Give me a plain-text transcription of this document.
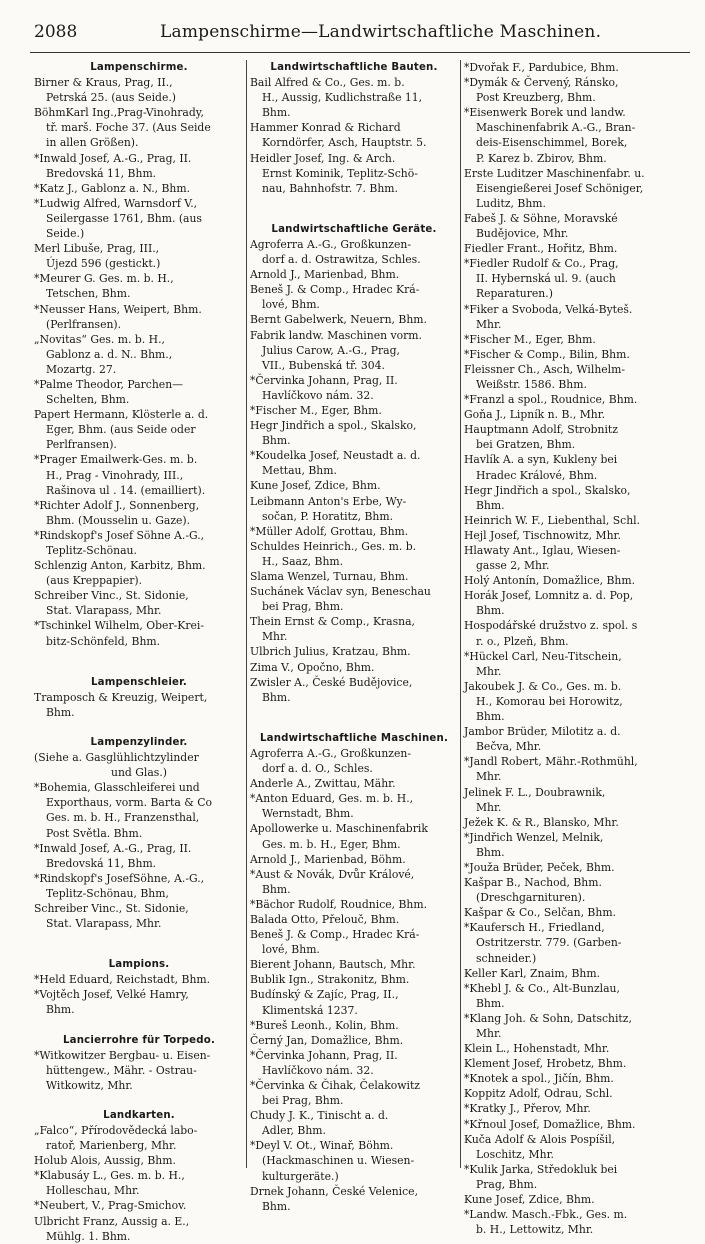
2088	Lampenschirme—Landwirtschaftliche Maschinen.
Lampenschirme.
Birner & Kraus, Prag, II.,
Petrská 25. (aus Seide.)
BöhmKarl Ing.,Prag-Vinohrady,
tř. marš. Foche 37. (Aus Seide
in allen Größen).
*Inwald Josef, A.-G., Prag, II.
Bredovská 11, Bhm.
*Katz J., Gablonz a. N., Bhm.
*Ludwig Alfred, Warnsdorf V.,
Seilergasse 1761, Bhm. (aus
Seide.)
Merl Libuše, Prag, III.,
Újezd 596 (gestickt.)
*Meurer G. Ges. m. b. H.,
Tetschen, Bhm.
*Neusser Hans, Weipert, Bhm.
(Perlfransen).
„Novitas“ Ges. m. b. H.,
Gablonz a. d. N.. Bhm.,
Mozartg. 27.
*Palme Theodor, Parchen—
Schelten, Bhm.
Papert Hermann, Klösterle a. d.
Eger, Bhm. (aus Seide oder
Perlfransen).
*Prager Emailwerk-Ges. m. b.
H., Prag - Vinohrady, III.,
Rašinova ul . 14. (emailliert).
*Richter Adolf J., Sonnenberg,
Bhm. (Mousselin u. Gaze).
*Rindskopf's Josef Söhne A.-G.,
Teplitz-Schönau.
Schlenzig Anton, Karbitz, Bhm.
(aus Kreppapier).
Schreiber Vinc., St. Sidonie,
Stat. Vlarapass, Mhr.
*Tschinkel Wilhelm, Ober-Krei-
bitz-Schönfeld, Bhm.
Lampenschleier.
Tramposch & Kreuzig, Weipert,
Bhm.
Lampenzylinder.
(Siehe a. Gasglühlichtzylinder
und Glas.)
*Bohemia, Glasschleiferei und
Exporthaus, vorm. Barta & Co
Ges. m. b. H., Franzensthal,
Post Světla. Bhm.
*Inwald Josef, A.-G., Prag, II.
Bredovská 11, Bhm.
*Rindskopf's JosefSöhne, A.-G.,
Teplitz-Schönau, Bhm,
Schreiber Vinc., St. Sidonie,
Stat. Vlarapass, Mhr.
Lampions.
*Held Eduard, Reichstadt, Bhm.
*Vojtěch Josef, Velké Hamry,
Bhm.
Lancierrohre für Torpedo.
*Witkowitzer Bergbau- u. Eisen-
hüttengew., Mähr. - Ostrau-
Witkowitz, Mhr.
Landkarten.
„Falco“, Přírodovědecká labo-
ratoř, Marienberg, Mhr.
Holub Alois, Aussig, Bhm.
*Klabusáy L., Ges. m. b. H.,
Holleschau, Mhr.
*Neubert, V., Prag-Smichov.
Ulbricht Franz, Aussig a. E.,
Mühlg. 1. Bhm.
Landwirtschaftliche Bauten.
Bail Alfred & Co., Ges. m. b.
H., Aussig, Kudlichstraße 11,
Bhm.
Hammer Konrad & Richard
Korndörfer, Asch, Hauptstr. 5.
Heidler Josef, Ing. & Arch.
Ernst Kominik, Teplitz-Schö-
nau, Bahnhofstr. 7. Bhm.
Landwirtschaftliche Geräte.
Agroferra A.-G., Großkunzen-
dorf a. d. Ostrawitza, Schles.
Arnold J., Marienbad, Bhm.
Beneš J. & Comp., Hradec Krá-
lové, Bhm.
Bernt Gabelwerk, Neuern, Bhm.
Fabrik landw. Maschinen vorm.
Julius Carow, A.-G., Prag,
VII., Bubenská tř. 304.
*Červinka Johann, Prag, II.
Havlíčkovo nám. 32.
*Fischer M., Eger, Bhm.
Hegr Jindřich a spol., Skalsko,
Bhm.
*Koudelka Josef, Neustadt a. d.
Mettau, Bhm.
Kune Josef, Zdice, Bhm.
Leibmann Anton's Erbe, Wy-
sočan, P. Horatitz, Bhm.
*Müller Adolf, Grottau, Bhm.
Schuldes Heinrich., Ges. m. b.
H., Saaz, Bhm.
Slama Wenzel, Turnau, Bhm.
Suchánek Václav syn, Beneschau
bei Prag, Bhm.
Thein Ernst & Comp., Krasna,
Mhr.
Ulbrich Julius, Kratzau, Bhm.
Zima V., Opočno, Bhm.
Zwisler A., České Budějovice,
Bhm.
Landwirtschaftliche Maschinen.
Agroferra A.-G., Großkunzen-
dorf a. d. O., Schles.
Anderle A., Zwittau, Mähr.
*Anton Eduard, Ges. m. b. H.,
Wernstadt, Bhm.
Apollowerke u. Maschinenfabrik
Ges. m. b. H., Eger, Bhm.
Arnold J., Marienbad, Böhm.
*Aust & Novák, Dvůr Králové,
Bhm.
*Bächor Rudolf, Roudnice, Bhm.
Balada Otto, Přelouč, Bhm.
Beneš J. & Comp., Hradec Krá-
lové, Bhm.
Bierent Johann, Bautsch, Mhr.
Bublik Ign., Strakonitz, Bhm.
Budínský & Zajíc, Prag, II.,
Klimentská 1237.
*Bureš Leonh., Kolin, Bhm.
Černý Jan, Domažlice, Bhm.
*Červinka Johann, Prag, II.
Havlíčkovo nám. 32.
*Červinka & Čihak, Čelakowitz
bei Prag, Bhm.
Chudy J. K., Tinischt a. d.
Adler, Bhm.
*Deyl V. Ot., Winař, Böhm.
(Hackmaschinen u. Wiesen-
kulturgeräte.)
Drnek Johann, České Velenice,
Bhm.
*Dvořak F., Pardubice, Bhm.
*Dymák & Červený, Ránsko,
Post Kreuzberg, Bhm.
*Eisenwerk Borek und landw.
Maschinenfabrik A.-G., Bran-
deis-Eisenschimmel, Borek,
P. Karez b. Zbirov, Bhm.
Erste Luditzer Maschinenfabr. u.
Eisengießerei Josef Schöniger,
Luditz, Bhm.
Fabeš J. & Söhne, Moravské
Budějovice, Mhr.
Fiedler Frant., Hořitz, Bhm.
*Fiedler Rudolf & Co., Prag,
II. Hybernská ul. 9. (auch
Reparaturen.)
*Fiker a Svoboda, Velká-Byteš.
Mhr.
*Fischer M., Eger, Bhm.
*Fischer & Comp., Bilin, Bhm.
Fleissner Ch., Asch, Wilhelm-
Weißstr. 1586. Bhm.
*Franzl a spol., Roudnice, Bhm.
Goňa J., Lipník n. B., Mhr.
Hauptmann Adolf, Strobnitz
bei Gratzen, Bhm.
Havlík A. a syn, Kukleny bei
Hradec Králové, Bhm.
Hegr Jindřich a spol., Skalsko,
Bhm.
Heinrich W. F., Liebenthal, Schl.
Hejl Josef, Tischnowitz, Mhr.
Hlawaty Ant., Iglau, Wiesen-
gasse 2, Mhr.
Holý Antonín, Domažlice, Bhm.
Horák Josef, Lomnitz a. d. Pop,
Bhm.
Hospodářské družstvo z. spol. s
r. o., Plzeň, Bhm.
*Hückel Carl, Neu-Titschein,
Mhr.
Jakoubek J. & Co., Ges. m. b.
H., Komorau bei Horowitz,
Bhm.
Jambor Brüder, Milotitz a. d.
Bečva, Mhr.
*Jandl Robert, Mähr.-Rothmühl,
Mhr.
Jelinek F. L., Doubrawnik,
Mhr.
Ježek K. & R., Blansko, Mhr.
*Jindřich Wenzel, Melnik,
Bhm.
*Jouža Brüder, Peček, Bhm.
Kašpar B., Nachod, Bhm.
(Dreschgarnituren).
Kašpar & Co., Selčan, Bhm.
*Kaufersch H., Friedland,
Ostritzerstr. 779. (Garben-
schneider.)
Keller Karl, Znaim, Bhm.
*Khebl J. & Co., Alt-Bunzlau,
Bhm.
*Klang Joh. & Sohn, Datschitz,
Mhr.
Klein L., Hohenstadt, Mhr.
Klement Josef, Hrobetz, Bhm.
*Knotek a spol., Jičín, Bhm.
Koppitz Adolf, Odrau, Schl.
*Kratky J., Přerov, Mhr.
*Křnoul Josef, Domažlice, Bhm.
Kuča Adolf & Alois Pospíšil,
Loschitz, Mhr.
*Kulik Jarka, Středokluk bei
Prag, Bhm.
Kune Josef, Zdice, Bhm.
*Landw. Masch.-Fbk., Ges. m.
b. H., Lettowitz, Mhr.
